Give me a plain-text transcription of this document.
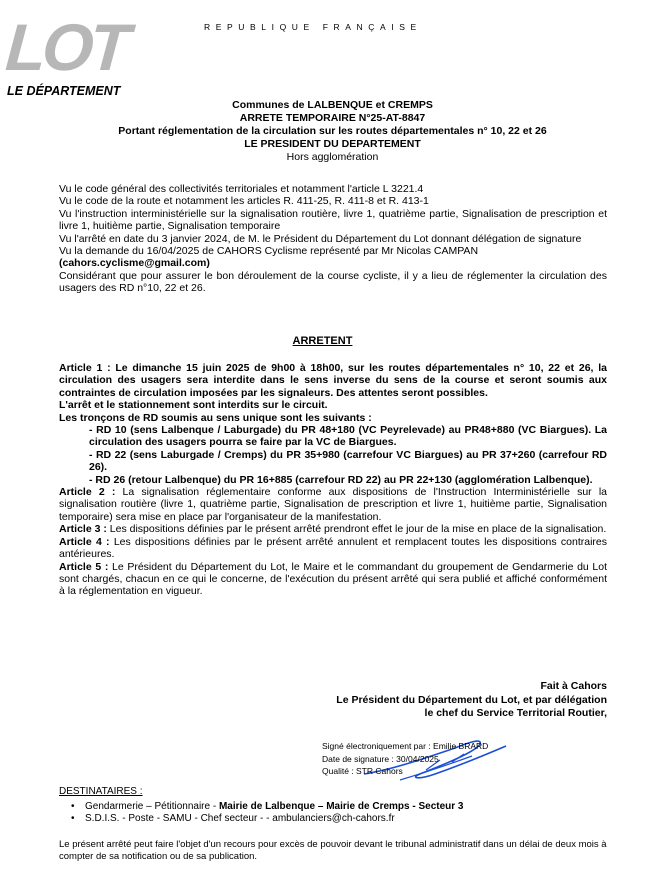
LOT
LE DÉPARTEMENT
REPUBLIQUE FRANÇAISE
Communes de LALBENQUE et CREMPS
ARRETE TEMPORAIRE N°25-AT-8847
Portant réglementation de la circulation sur les routes départementales n° 10, 22 et 26
LE PRESIDENT DU DEPARTEMENT
Hors agglomération

Vu le code général des collectivités territoriales et notamment l'article L 3221.4

Vu le code de la route et notamment les articles R. 411-25, R. 411-8 et R. 413-1

Vu l'instruction interministérielle sur la signalisation routière, livre 1, quatrième partie, Signalisation de prescription et livre 1, huitième partie, Signalisation temporaire

Vu l'arrêté en date du 3 janvier 2024, de M. le Président du Département du Lot donnant délégation de signature

Vu la demande du 16/04/2025 de CAHORS Cyclisme représenté par Mr Nicolas CAMPAN

(cahors.cyclisme@gmail.com)

Considérant que pour assurer le bon déroulement de la course cycliste, il y a lieu de réglementer la circulation des usagers des RD n°10, 22 et 26.

ARRETENT

Article 1 : Le dimanche 15 juin 2025 de 9h00 à 18h00, sur les routes départementales n° 10, 22 et 26, la circulation des usagers sera interdite dans le sens inverse du sens de la course et seront soumis aux contraintes de circulation imposées par les signaleurs. Des attentes seront possibles.

L'arrêt et le stationnement sont interdits sur le circuit.

Les tronçons de RD soumis au sens unique sont les suivants :

- RD 10 (sens Lalbenque / Laburgade) du PR 48+180 (VC Peyrelevade) au PR48+880 (VC Biargues). La circulation des usagers pourra se faire par la VC de Biargues.

- RD 22 (sens Laburgade / Cremps) du PR 35+980 (carrefour VC Biargues) au PR 37+260 (carrefour RD 26).

- RD 26 (retour Lalbenque) du PR 16+885 (carrefour RD 22) au PR 22+130 (agglomération Lalbenque).

Article 2 : La signalisation réglementaire conforme aux dispositions de l'Instruction Interministérielle sur la signalisation routière (livre 1, quatrième partie, Signalisation de prescription et livre 1, huitième partie, Signalisation temporaire) sera mise en place par l'organisateur de la manifestation.

Article 3 : Les dispositions définies par le présent arrêté prendront effet le jour de la mise en place de la signalisation.

Article 4 : Les dispositions définies par le présent arrêté annulent et remplacent toutes les dispositions contraires antérieures.

Article 5 : Le Président du Département du Lot, le Maire et le commandant du groupement de Gendarmerie du Lot sont chargés, chacun en ce qui le concerne, de l'exécution du présent arrêté qui sera publié et affiché conformément à la réglementation en vigueur.

Fait à Cahors
Le Président du Département du Lot, et par délégation
le chef du Service Territorial Routier,
Signé électroniquement par : Emilie BRARD
Date de signature : 30/04/2025
Qualité : STR Cahors

DESTINATAIRES :

• Gendarmerie – Pétitionnaire - Mairie de Lalbenque – Mairie de Cremps - Secteur 3
• S.D.I.S. - Poste - SAMU - Chef secteur - - ambulanciers@ch-cahors.fr
Le présent arrêté peut faire l'objet d'un recours pour excès de pouvoir devant le tribunal administratif dans un délai de deux mois à compter de sa notification ou de sa publication.
